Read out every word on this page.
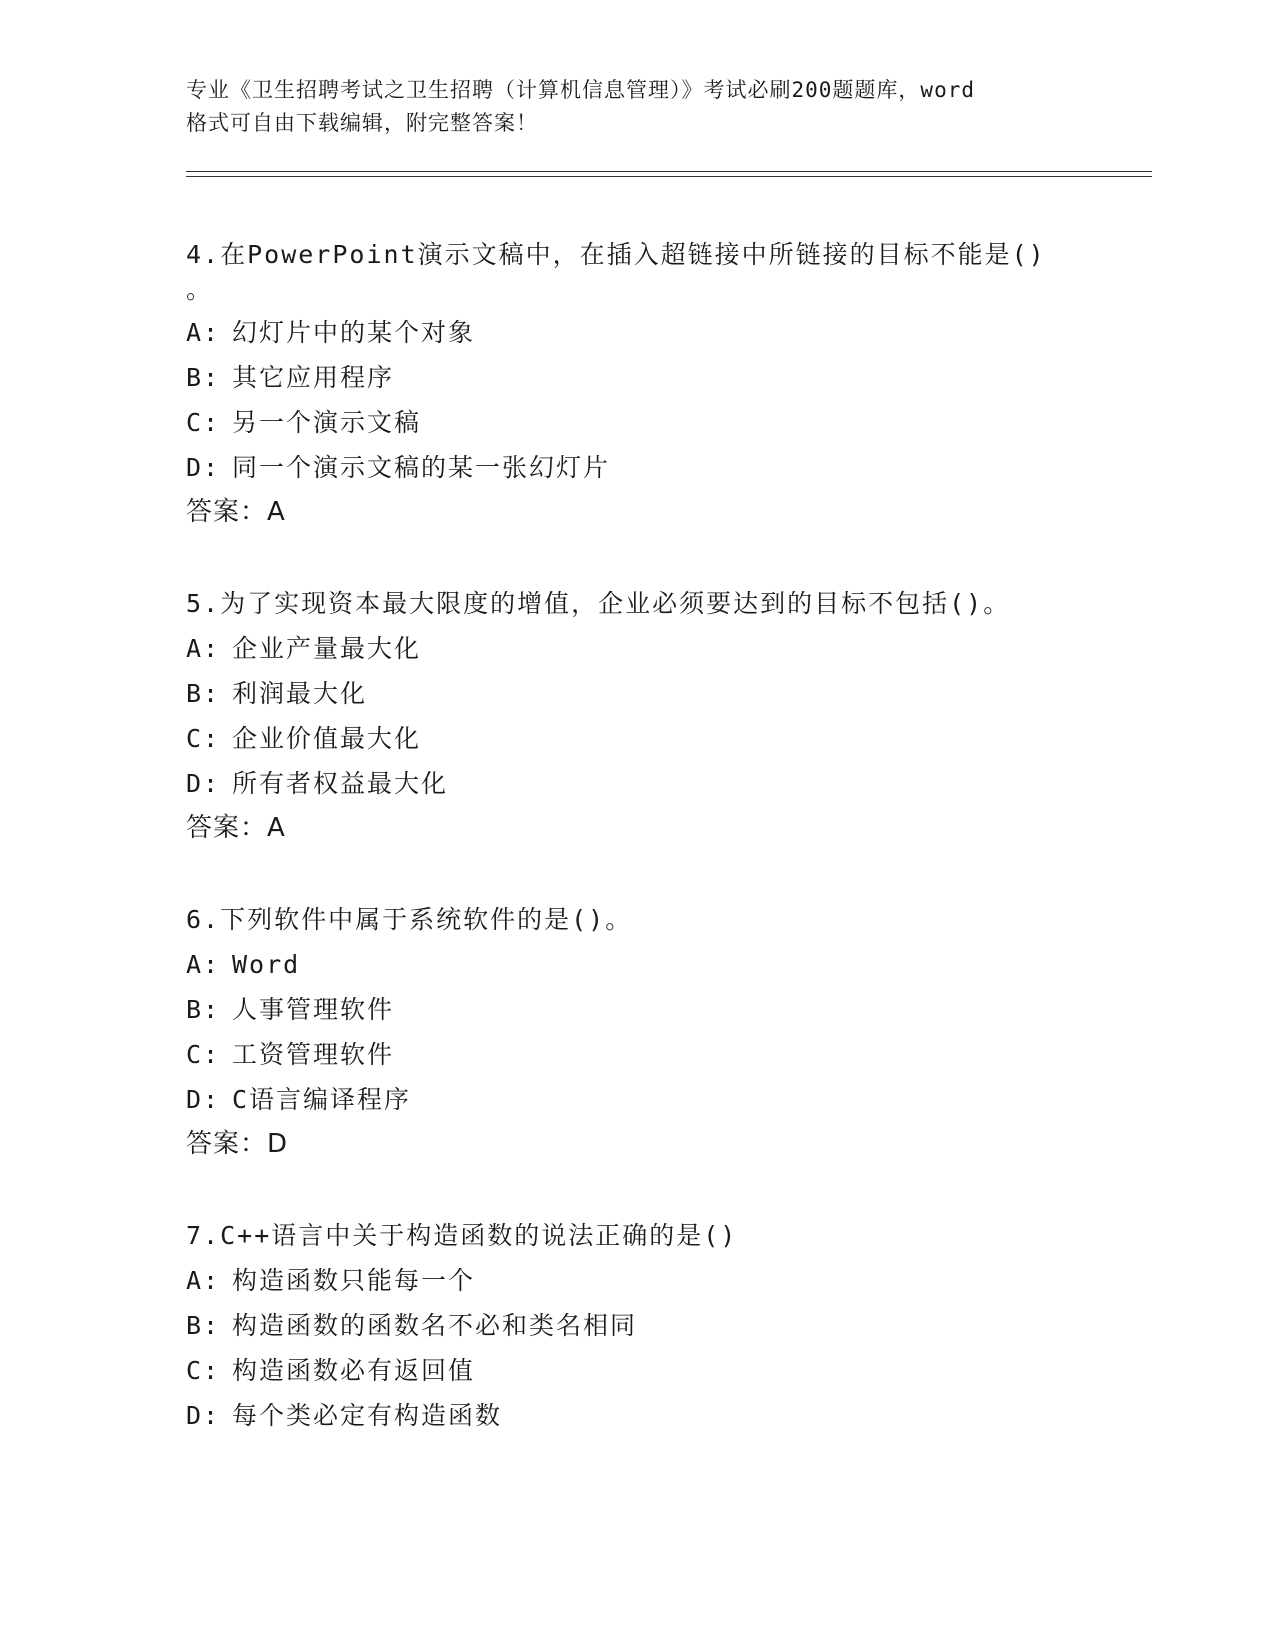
专业《卫生招聘考试之卫生招聘（计算机信息管理）》考试必刷200题题库，word
格式可自由下载编辑，附完整答案！
4.在PowerPoint演示文稿中，在插入超链接中所链接的目标不能是()
。
A: 幻灯片中的某个对象
B: 其它应用程序
C: 另一个演示文稿
D: 同一个演示文稿的某一张幻灯片
答案：A
5.为了实现资本最大限度的增值，企业必须要达到的目标不包括()。
A: 企业产量最大化
B: 利润最大化
C: 企业价值最大化
D: 所有者权益最大化
答案：A
6.下列软件中属于系统软件的是()。
A: Word
B: 人事管理软件
C: 工资管理软件
D: C语言编译程序
答案：D
7.C++语言中关于构造函数的说法正确的是()
A: 构造函数只能每一个
B: 构造函数的函数名不必和类名相同
C: 构造函数必有返回值
D: 每个类必定有构造函数
